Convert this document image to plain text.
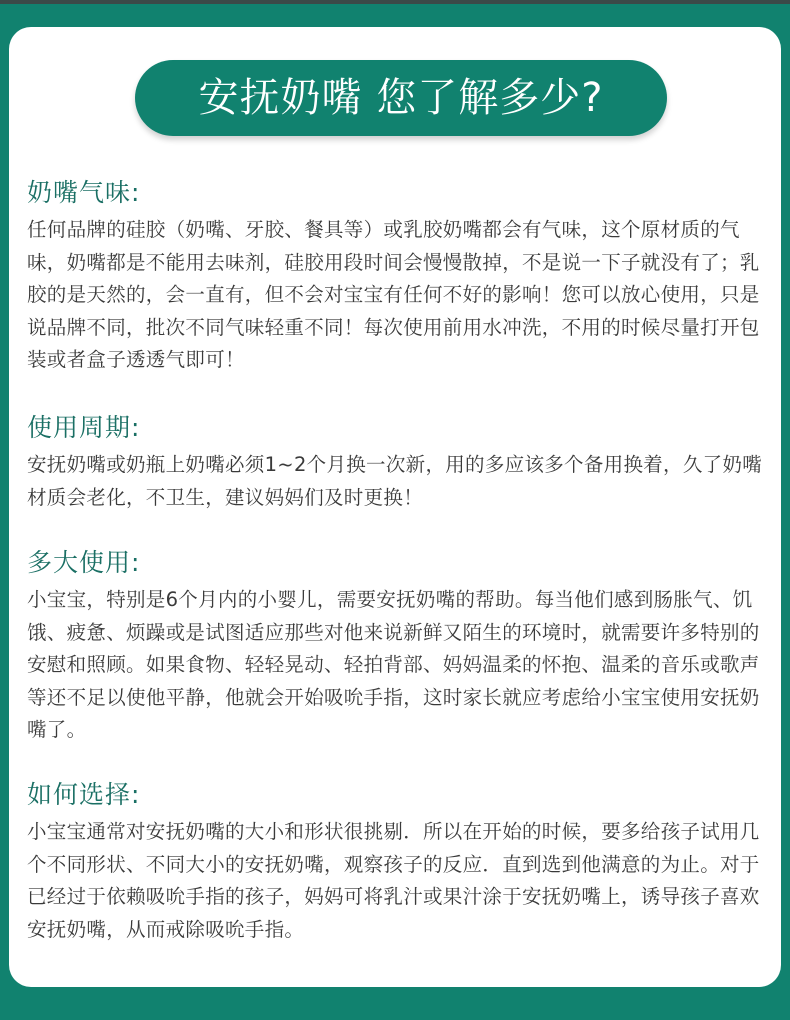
安抚奶嘴 您了解多少?
奶嘴气味:

任何品牌的硅胶（奶嘴、牙胶、餐具等）或乳胶奶嘴都会有气味，这个原材质的气味，奶嘴都是不能用去味剂，硅胶用段时间会慢慢散掉，不是说一下子就没有了；乳胶的是天然的，会一直有，但不会对宝宝有任何不好的影响！您可以放心使用，只是说品牌不同，批次不同气味轻重不同！每次使用前用水冲洗，不用的时候尽量打开包装或者盒子透透气即可！

使用周期:

安抚奶嘴或奶瓶上奶嘴必须1~2个月换一次新，用的多应该多个备用换着，久了奶嘴材质会老化，不卫生，建议妈妈们及时更换！

多大使用:

小宝宝，特别是6个月内的小婴儿，需要安抚奶嘴的帮助。每当他们感到肠胀气、饥饿、疲惫、烦躁或是试图适应那些对他来说新鲜又陌生的环境时，就需要许多特别的安慰和照顾。如果食物、轻轻晃动、轻拍背部、妈妈温柔的怀抱、温柔的音乐或歌声等还不足以使他平静，他就会开始吸吮手指，这时家长就应考虑给小宝宝使用安抚奶嘴了。

如何选择:

小宝宝通常对安抚奶嘴的大小和形状很挑剔．所以在开始的时候，要多给孩子试用几个不同形状、不同大小的安抚奶嘴，观察孩子的反应．直到选到他满意的为止。对于已经过于依赖吸吮手指的孩子，妈妈可将乳汁或果汁涂于安抚奶嘴上，诱导孩子喜欢安抚奶嘴，从而戒除吸吮手指。
